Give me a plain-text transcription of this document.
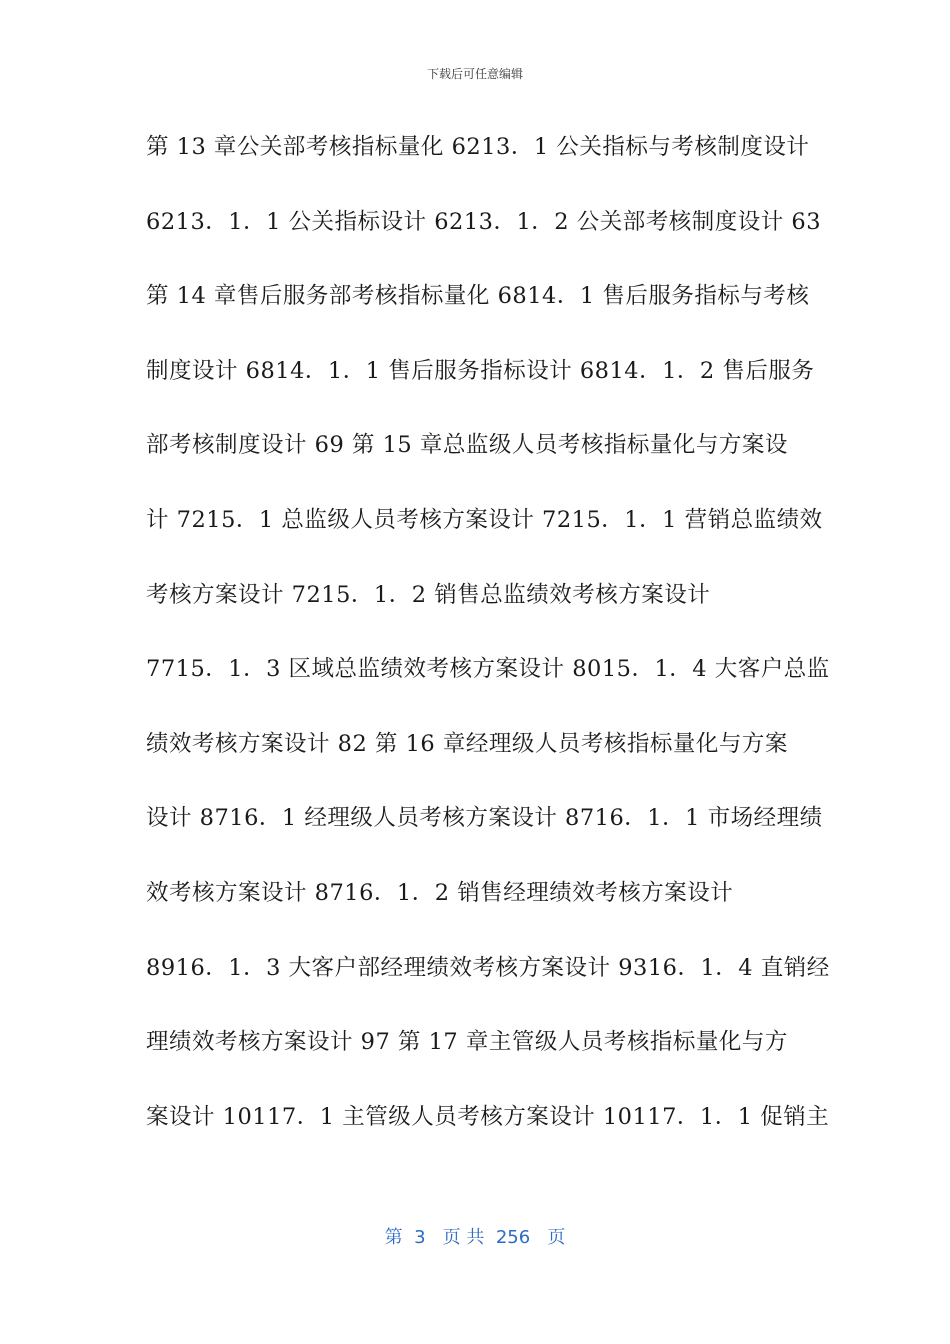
下载后可任意编辑
第 13 章公关部考核指标量化 6213．1 公关指标与考核制度设计
6213．1．1 公关指标设计 6213．1．2 公关部考核制度设计 63
第 14 章售后服务部考核指标量化 6814．1 售后服务指标与考核
制度设计 6814．1．1 售后服务指标设计 6814．1．2 售后服务
部考核制度设计 69 第 15 章总监级人员考核指标量化与方案设
计 7215．1 总监级人员考核方案设计 7215．1．1 营销总监绩效
考核方案设计 7215．1．2 销售总监绩效考核方案设计
7715．1．3 区域总监绩效考核方案设计 8015．1．4 大客户总监
绩效考核方案设计 82 第 16 章经理级人员考核指标量化与方案
设计 8716．1 经理级人员考核方案设计 8716．1．1 市场经理绩
效考核方案设计 8716．1．2 销售经理绩效考核方案设计
8916．1．3 大客户部经理绩效考核方案设计 9316．1．4 直销经
理绩效考核方案设计 97 第 17 章主管级人员考核指标量化与方
案设计 10117．1 主管级人员考核方案设计 10117．1．1 促销主
第  3   页 共  256   页
